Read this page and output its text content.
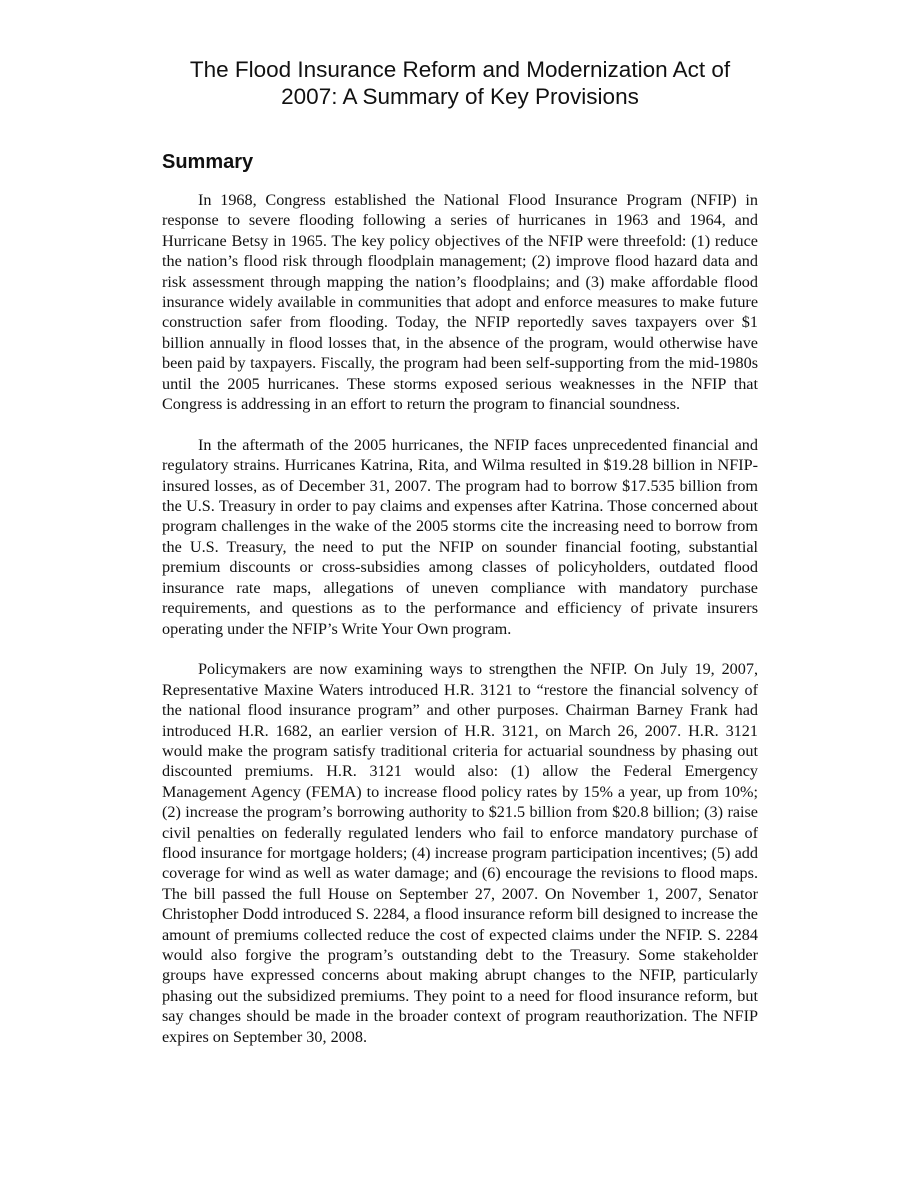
The Flood Insurance Reform and Modernization Act of
2007: A Summary of Key Provisions
Summary

In 1968, Congress established the National Flood Insurance Program (NFIP) in response to severe flooding following a series of hurricanes in 1963 and 1964, and Hurricane Betsy in 1965. The key policy objectives of the NFIP were threefold: (1) reduce the nation’s flood risk through floodplain management; (2) improve flood hazard data and risk assessment through mapping the nation’s floodplains; and (3) make affordable flood insurance widely available in communities that adopt and enforce measures to make future construction safer from flooding. Today, the NFIP reportedly saves taxpayers over $1 billion annually in flood losses that, in the absence of the program, would otherwise have been paid by taxpayers. Fiscally, the program had been self-supporting from the mid-1980s until the 2005 hurricanes. These storms exposed serious weaknesses in the NFIP that Congress is addressing in an effort to return the program to financial soundness.

In the aftermath of the 2005 hurricanes, the NFIP faces unprecedented financial and regulatory strains. Hurricanes Katrina, Rita, and Wilma resulted in $19.28 billion in NFIP-insured losses, as of December 31, 2007. The program had to borrow $17.535 billion from the U.S. Treasury in order to pay claims and expenses after Katrina. Those concerned about program challenges in the wake of the 2005 storms cite the increasing need to borrow from the U.S. Treasury, the need to put the NFIP on sounder financial footing, substantial premium discounts or cross-subsidies among classes of policyholders, outdated flood insurance rate maps, allegations of uneven compliance with mandatory purchase requirements, and questions as to the performance and efficiency of private insurers operating under the NFIP’s Write Your Own program.

Policymakers are now examining ways to strengthen the NFIP. On July 19, 2007, Representative Maxine Waters introduced H.R. 3121 to “restore the financial solvency of the national flood insurance program” and other purposes. Chairman Barney Frank had introduced H.R. 1682, an earlier version of H.R. 3121, on March 26, 2007. H.R. 3121 would make the program satisfy traditional criteria for actuarial soundness by phasing out discounted premiums. H.R. 3121 would also: (1) allow the Federal Emergency Management Agency (FEMA) to increase flood policy rates by 15% a year, up from 10%; (2) increase the program’s borrowing authority to $21.5 billion from $20.8 billion; (3) raise civil penalties on federally regulated lenders who fail to enforce mandatory purchase of flood insurance for mortgage holders; (4) increase program participation incentives; (5) add coverage for wind as well as water damage; and (6) encourage the revisions to flood maps. The bill passed the full House on September 27, 2007. On November 1, 2007, Senator Christopher Dodd introduced S. 2284, a flood insurance reform bill designed to increase the amount of premiums collected reduce the cost of expected claims under the NFIP. S. 2284 would also forgive the program’s outstanding debt to the Treasury. Some stakeholder groups have expressed concerns about making abrupt changes to the NFIP, particularly phasing out the subsidized premiums. They point to a need for flood insurance reform, but say changes should be made in the broader context of program reauthorization. The NFIP expires on September 30, 2008.
